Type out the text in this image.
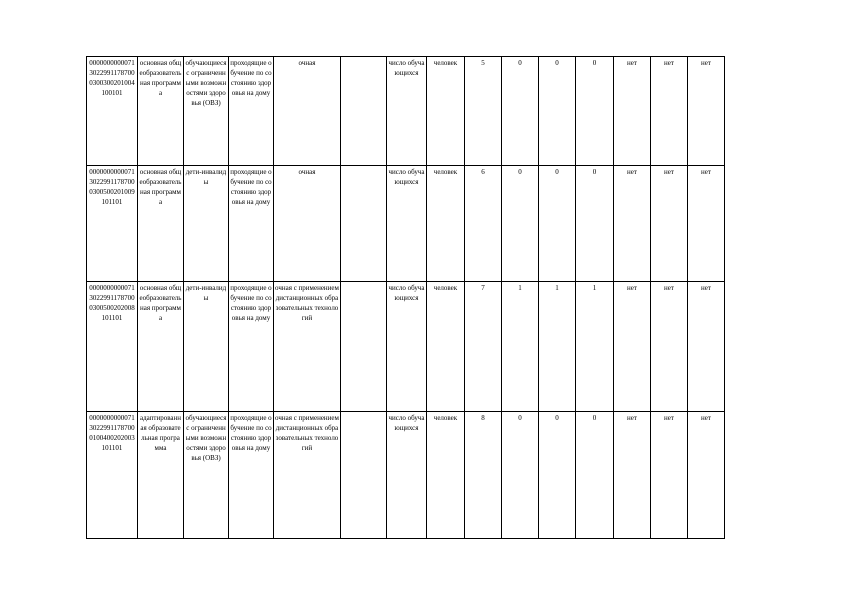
000000000007130229911787000300300201004100101	основная общеобразовательная программа	обучающиеся с ограниченными возможностями здоровья (ОВЗ)	проходящие обучение по состоянию здоровья на дому	очная		число обучающихся	человек	5	0	0	0	нет	нет	нет
000000000007130229911787000300500201009101101	основная общеобразовательная программа	дети-инвалиды	проходящие обучение по состоянию здоровья на дому	очная		число обучающихся	человек	6	0	0	0	нет	нет	нет
000000000007130229911787000300500202008101101	основная общеобразовательная программа	дети-инвалиды	проходящие обучение по состоянию здоровья на дому	очная с применением дистанционных образовательных технологий		число обучающихся	человек	7	1	1	1	нет	нет	нет
000000000007130229911787000100400202003101101	адаптированная образовательная программа	обучающиеся с ограниченными возможностями здоровья (ОВЗ)	проходящие обучение по состоянию здоровья на дому	очная с применением дистанционных образовательных технологий		число обучающихся	человек	8	0	0	0	нет	нет	нет
